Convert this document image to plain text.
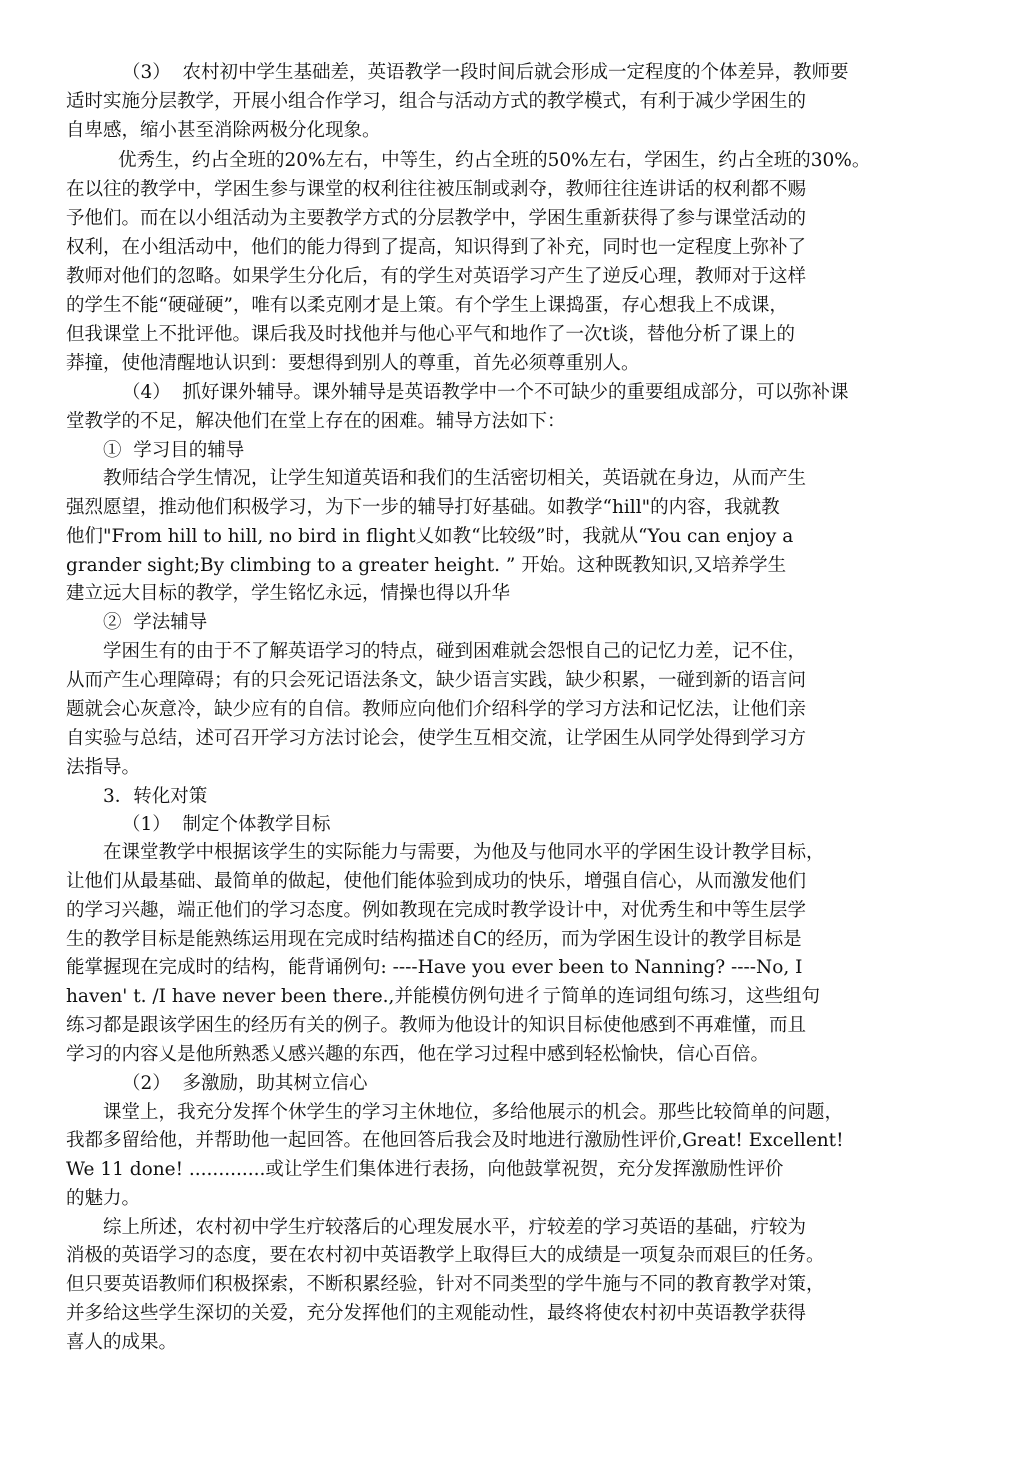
（3）  农村初中学生基础差，英语教学一段时间后就会形成一定程度的个体差异，教师要
适时实施分层教学，开展小组合作学习，组合与活动方式的教学模式，有利于减少学困生的
自卑感，缩小甚至消除两极分化现象。
优秀生，约占全班的20%左右，中等生，约占全班的50%左右，学困生，约占全班的30%。
在以往的教学中，学困生参与课堂的权利往往被压制或剥夺，教师往往连讲话的权利都不赐
予他们。而在以小组活动为主要教学方式的分层教学中，学困生重新获得了参与课堂活动的
权利，在小组活动中，他们的能力得到了提高，知识得到了补充，同时也一定程度上弥补了
教师对他们的忽略。如果学生分化后，有的学生对英语学习产生了逆反心理，教师对于这样
的学生不能“硬碰硬”，唯有以柔克刚才是上策。有个学生上课捣蛋，存心想我上不成课，
但我课堂上不批评他。课后我及时找他并与他心平气和地作了一次t谈，替他分析了课上的
莽撞，使他清醒地认识到：要想得到别人的尊重，首先必须尊重别人。
（4）  抓好课外辅导。课外辅导是英语教学中一个不可缺少的重要组成部分，可以弥补课
堂教学的不足，解决他们在堂上存在的困难。辅导方法如下：
①  学习目的辅导
教师结合学生情况，让学生知道英语和我们的生活密切相关，英语就在身边，从而产生
强烈愿望，推动他们积极学习，为下一步的辅导打好基础。如教学“hill"的内容，我就教
他们"From hill to hill, no bird in flight乂如教“比较级”时，我就从“You can enjoy a
grander sight;By climbing to a greater height. ” 开始。这种既教知识,又培养学生
建立远大目标的教学，学生铭忆永远，情操也得以升华
②  学法辅导
学困生有的由于不了解英语学习的特点，碰到困难就会怨恨自己的记忆力差，记不住，
从而产生心理障碍；有的只会死记语法条文，缺少语言实践，缺少积累，一碰到新的语言问
题就会心灰意冷，缺少应有的自信。教师应向他们介绍科学的学习方法和记忆法，让他们亲
自实验与总结，述可召开学习方法讨论会，使学生互相交流，让学困生从同学处得到学习方
法指导。
3．转化对策
（1）  制定个体教学目标
在课堂教学中根据该学生的实际能力与需要，为他及与他同水平的学困生设计教学目标，
让他们从最基础、最简单的做起，使他们能体验到成功的快乐，增强自信心，从而激发他们
的学习兴趣，端正他们的学习态度。例如教现在完成时教学设计中，对优秀生和中等生层学
生的教学目标是能熟练运用现在完成时结构描述自C的经历，而为学困生设计的教学目标是
能掌握现在完成时的结构，能背诵例句: ----Have you ever been to Nanning? ----No, I
haven' t. /I have never been there.,并能模仿例句进彳亍简单的连词组句练习，这些组句
练习都是跟该学困生的经历有关的例子。教师为他设计的知识目标使他感到不再难懂，而且
学习的内容乂是他所熟悉乂感兴趣的东西，他在学习过程中感到轻松愉快，信心百倍。
（2）  多激励，助其树立信心
课堂上，我充分发挥个休学生的学习主休地位，多给他展示的机会。那些比较简单的问题，
我都多留给他，并帮助他一起回答。在他回答后我会及时地进行激励性评价,Great! Excellent!
We 11 done! .............或让学生们集体进行表扬，向他鼓掌祝贺，充分发挥激励性评价
的魅力。
综上所述，农村初中学生疔较落后的心理发展水平，疔较差的学习英语的基础，疔较为
消极的英语学习的态度，要在农村初中英语教学上取得巨大的成绩是一项复杂而艰巨的任务。
但只要英语教师们积极探索，不断积累经验，针对不同类型的学牛施与不同的教育教学对策，
并多给这些学生深切的关爱，充分发挥他们的主观能动性，最终将使农村初中英语教学获得
喜人的成果。
